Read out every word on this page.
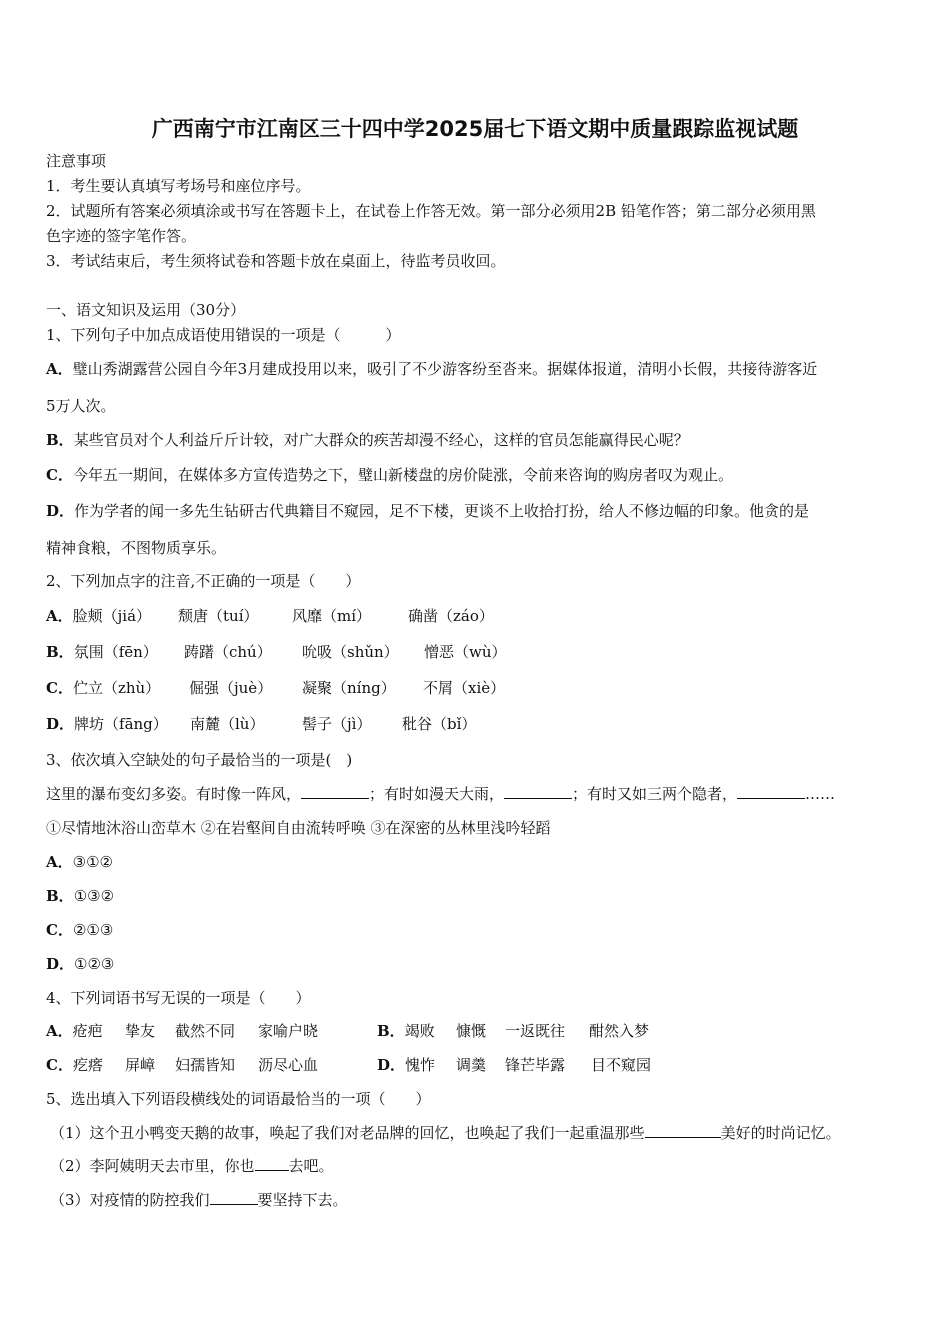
广西南宁市江南区三十四中学2025届七下语文期中质量跟踪监视试题
注意事项
1．考生要认真填写考场号和座位序号。
2．试题所有答案必须填涂或书写在答题卡上，在试卷上作答无效。第一部分必须用2B 铅笔作答；第二部分必须用黑
色字迹的签字笔作答。
3．考试结束后，考生须将试卷和答题卡放在桌面上，待监考员收回。
一、语文知识及运用（30分）
1、下列句子中加点成语使用错误的一项是（　　　）
A．璧山秀湖露营公园自今年3月建成投用以来，吸引了不少游客纷至沓来。据媒体报道，清明小长假，共接待游客近
5万人次。
B．某些官员对个人利益斤斤计较，对广大群众的疾苦却漫不经心，这样的官员怎能赢得民心呢？
C．今年五一期间，在媒体多方宣传造势之下，璧山新楼盘的房价陡涨，令前来咨询的购房者叹为观止。
D．作为学者的闻一多先生钻研古代典籍目不窥园，足不下楼，更谈不上收拾打扮，给人不修边幅的印象。他贪的是
精神食粮，不图物质享乐。
2、下列加点字的注音,不正确的一项是（　　）
A．脸颊（jiá） 颓唐（tuí） 风靡（mí） 确凿（záo）
B．氛围（fēn） 踌躇（chú） 吮吸（shǔn） 憎恶（wù）
C．伫立（zhù） 倔强（juè） 凝聚（níng） 不屑（xiè）
D．牌坊（fāng） 南麓（lù）	髻子（jì） 秕谷（bǐ）
3、依次填入空缺处的句子最恰当的一项是(　)
这里的瀑布变幻多姿。有时像一阵风，	；有时如漫天大雨，	；有时又如三两个隐者，	……
①尽情地沐浴山峦草木 ②在岩壑间自由流转呼唤 ③在深密的丛林里浅吟轻蹈
A．③①②
B．①③②
C．②①③
D．①②③
4、下列词语书写无误的一项是（　　）
A．疮疤 挚友 截然不同 家喻户晓	B．竭败 慷慨 一返既往 酣然入梦
C．疙瘩 屏嶂 妇孺皆知 沥尽心血	D．愧怍 调羹 锋芒毕露 目不窥园
5、选出填入下列语段横线处的词语最恰当的一项（　　）
（1）这个丑小鸭变天鹅的故事，唤起了我们对老品牌的回忆，也唤起了我们一起重温那些	美好的时尚记忆。
（2）李阿姨明天去市里，你也 去吧。
（3）对疫情的防控我们	要坚持下去。
